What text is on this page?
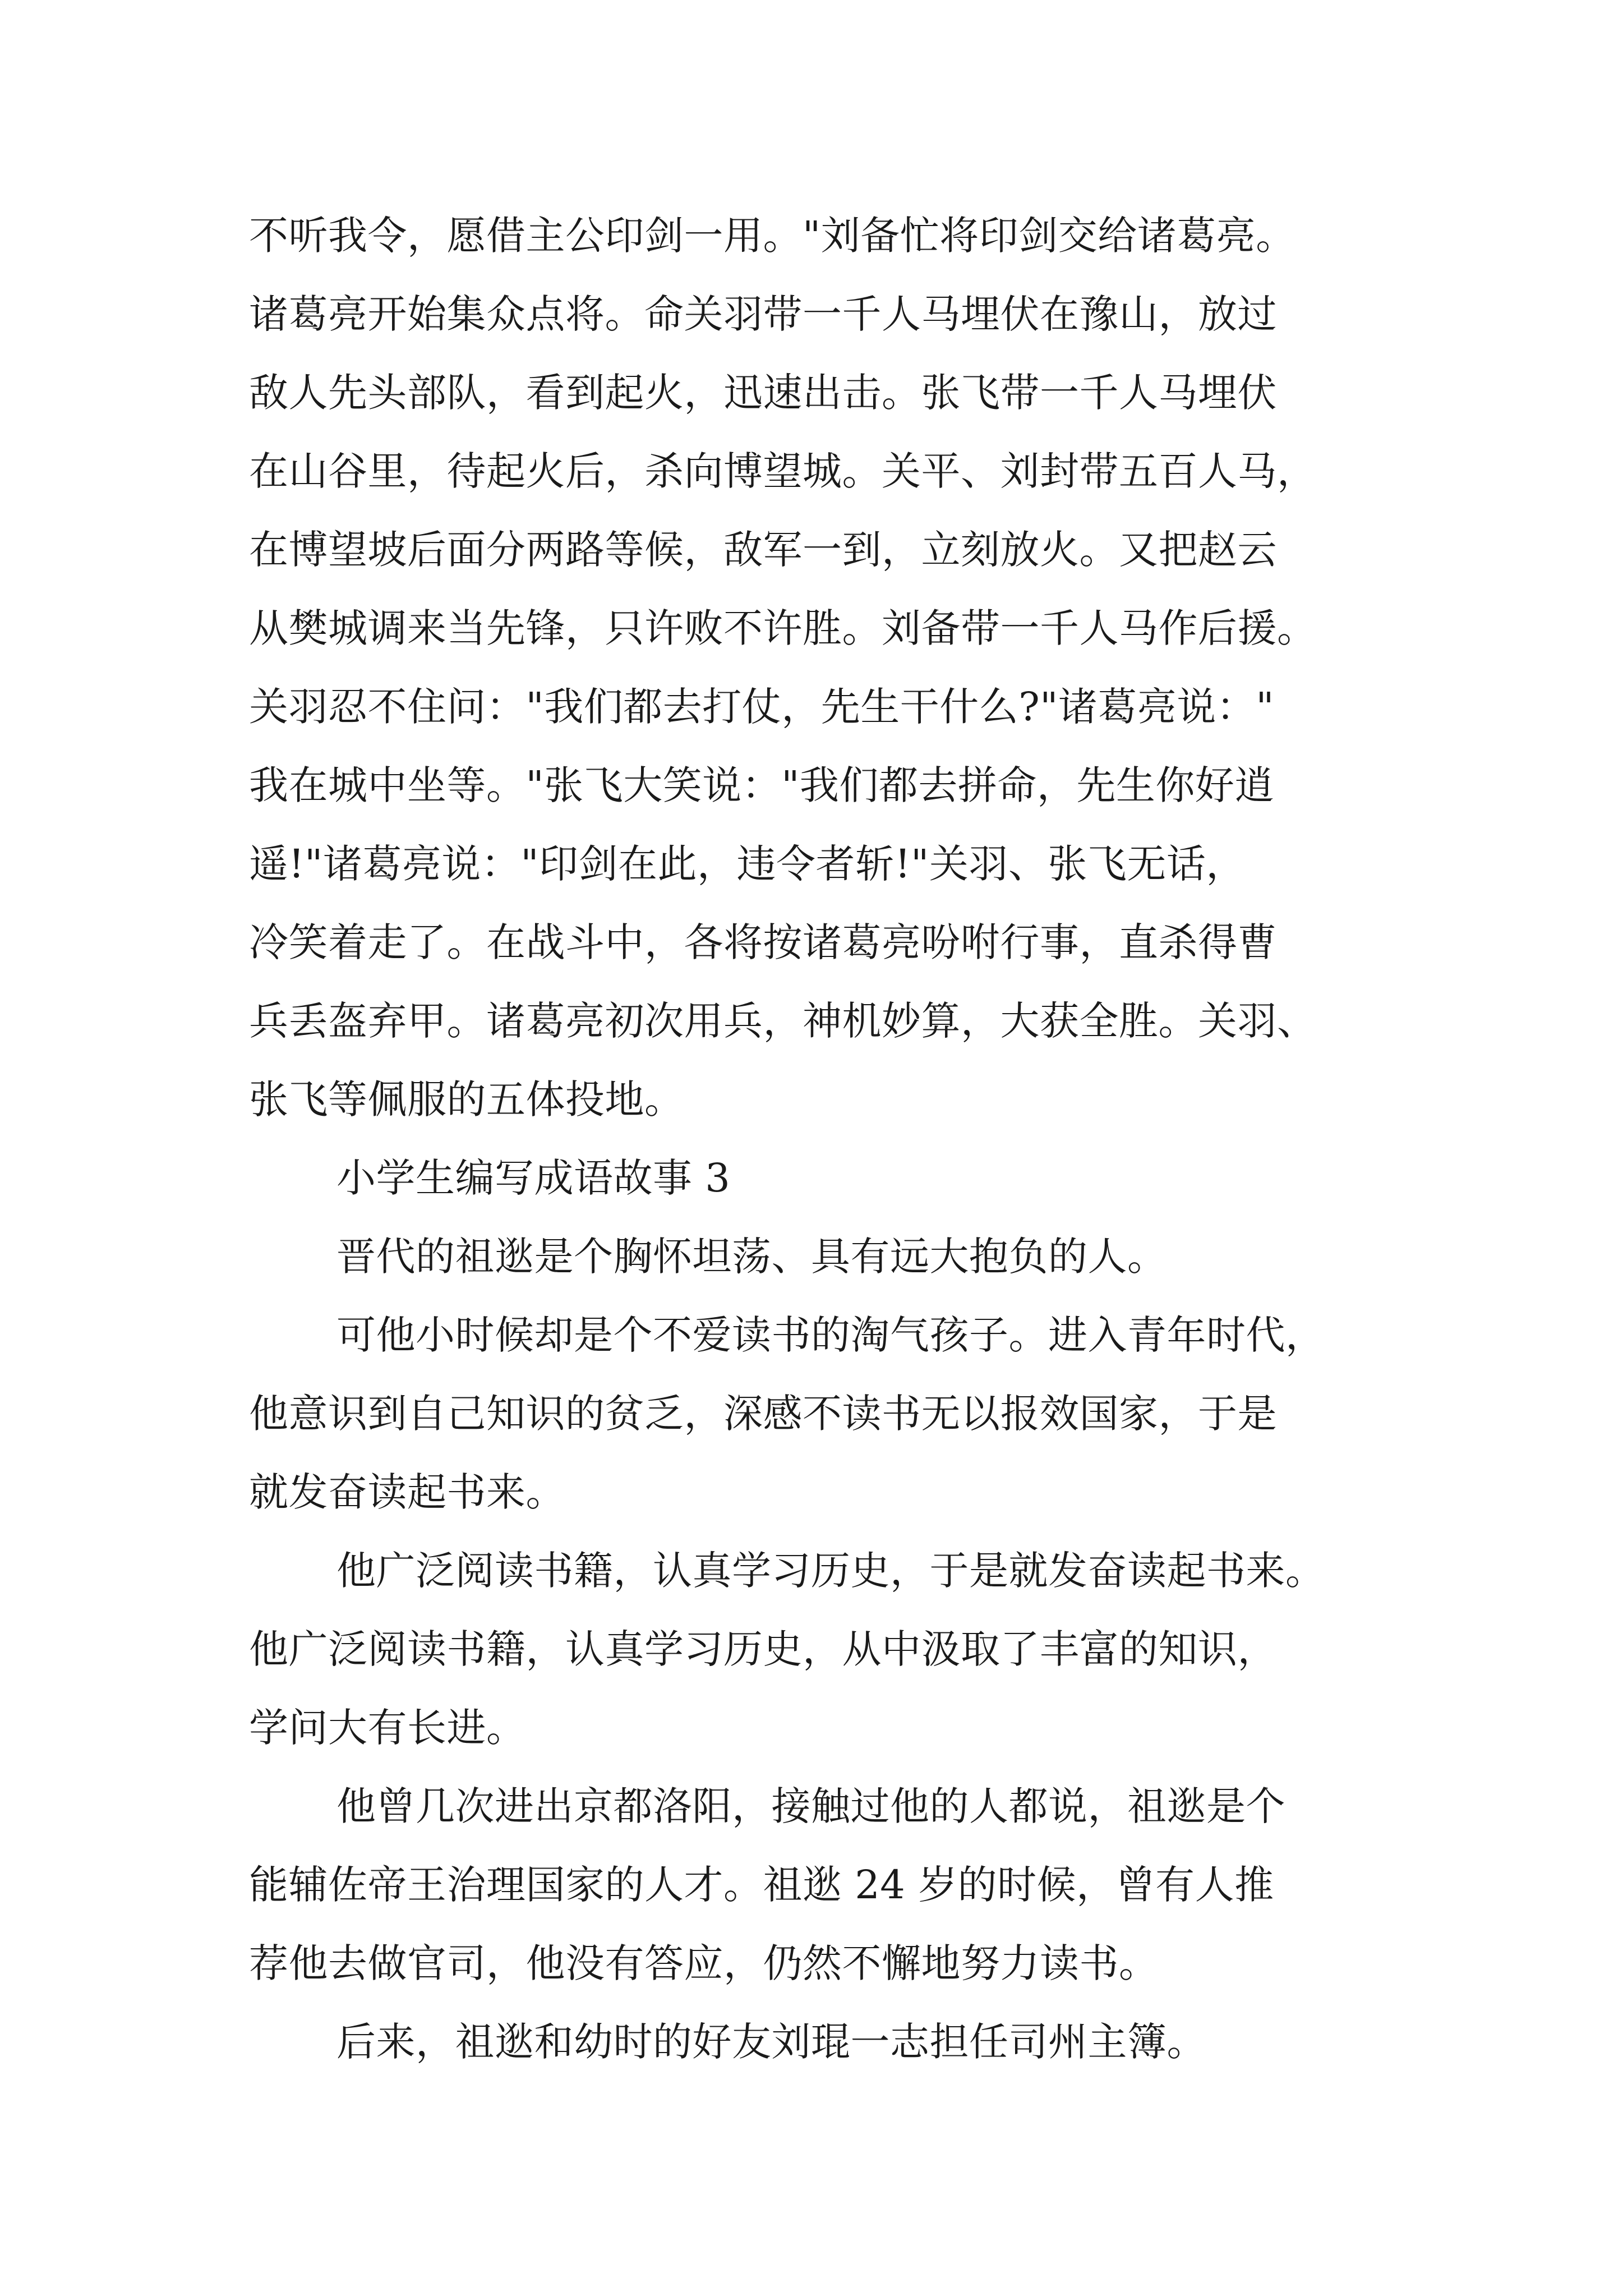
不听我令，愿借主公印剑一用。"刘备忙将印剑交给诸葛亮。
诸葛亮开始集众点将。命关羽带一千人马埋伏在豫山，放过
敌人先头部队，看到起火，迅速出击。张飞带一千人马埋伏
在山谷里，待起火后，杀向博望城。关平、刘封带五百人马，
在博望坡后面分两路等候，敌军一到，立刻放火。又把赵云
从樊城调来当先锋，只许败不许胜。刘备带一千人马作后援。
关羽忍不住问："我们都去打仗，先生干什么?"诸葛亮说："
我在城中坐等。"张飞大笑说："我们都去拼命，先生你好逍
遥!"诸葛亮说："印剑在此，违令者斩!"关羽、张飞无话，
冷笑着走了。在战斗中，各将按诸葛亮吩咐行事，直杀得曹
兵丢盔弃甲。诸葛亮初次用兵，神机妙算，大获全胜。关羽、
张飞等佩服的五体投地。
小学生编写成语故事 3
晋代的祖逖是个胸怀坦荡、具有远大抱负的人。
可他小时候却是个不爱读书的淘气孩子。进入青年时代，
他意识到自己知识的贫乏，深感不读书无以报效国家，于是
就发奋读起书来。
他广泛阅读书籍，认真学习历史，于是就发奋读起书来。
他广泛阅读书籍，认真学习历史，从中汲取了丰富的知识，
学问大有长进。
他曾几次进出京都洛阳，接触过他的人都说，祖逖是个
能辅佐帝王治理国家的人才。祖逖 24 岁的时候，曾有人推
荐他去做官司，他没有答应，仍然不懈地努力读书。
后来，祖逖和幼时的好友刘琨一志担任司州主簿。
